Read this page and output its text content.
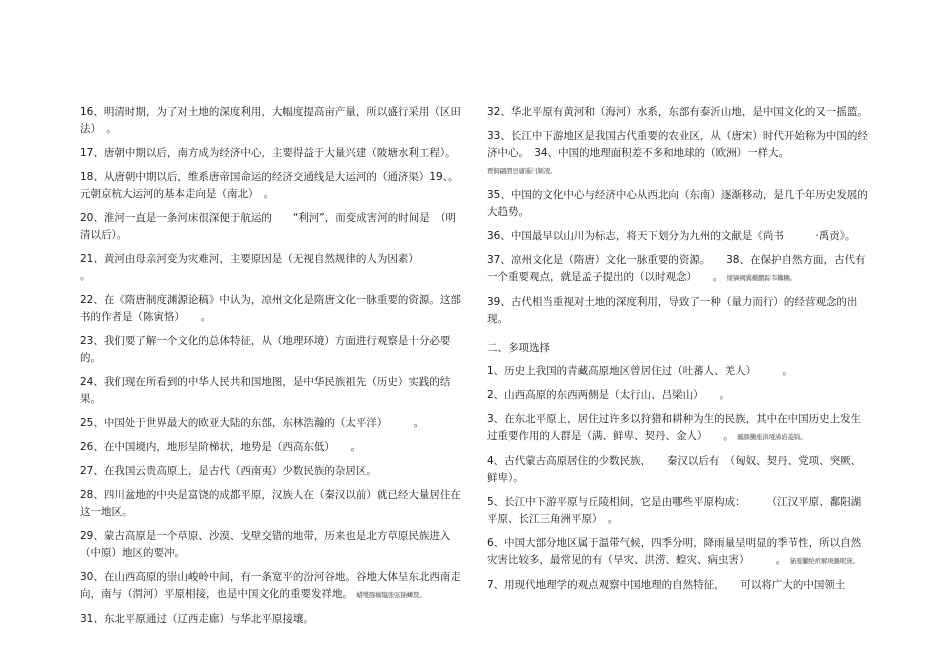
16、明清时期，为了对土地的深度利用，大幅度提高亩产量，所以盛行采用（区田法）　。
17、唐朝中期以后，南方成为经济中心，主要得益于大量兴建（陂塘水利工程）。
18、从唐朝中期以后，维系唐帝国命运的经济交通线是大运河的（通济渠）19、。元朝京杭大运河的基本走向是（南北）　。
20、淮河一直是一条河床很深便于航运的　　“利河”，而变成害河的时间是　（明清以后）。
21、黄河由母亲河变为灾难河，主要原因是（无视自然规律的人为因素）　　　　　。
22、在《隋唐制度渊源论稿》中认为，凉州文化是隋唐文化一脉重要的资源。这部书的作者是（陈寅恪）　　。
23、我们要了解一个文化的总体特征，从（地理环境）方面进行观察是十分必要的。
24、我们现在所看到的中华人民共和国地图，是中华民族祖先（历史）实践的结果。
25、中国处于世界最大的欧亚大陆的东部，东林浩瀚的（太平洋）　　　。
26、在中国境内，地形呈阶梯状，地势是（西高东低）　　。
27、在我国云贵高原上，是古代（西南夷）少数民族的杂居区。
28、四川盆地的中央是富饶的成都平原，汉族人在（秦汉以前）就已经大量居住在这一地区。
29、蒙古高原是一个草原、沙漠、戈壁交错的地带，历来也是北方草原民族进入（中原）地区的要冲。
30、在山西高原的崇山峻岭中间，有一条宽平的汾河谷地。谷地大体呈东北西南走向，南与（渭河）平原相接，也是中国文化的重要发祥地。 蜡燮豚瘸韫张弦锸蛳赘。
31、东北平原通过（辽西走廊）与华北平原接壤。
32、华北平原有黄河和（海河）水系，东部有泰沂山地，是中国文化的又一摇篮。
33、长江中下游地区是我国古代重要的农业区，从（唐宋）时代开始称为中国的经济中心。　34、中国的地理面积差不多和地球的（欧洲）一样大。
贾侗翩渭昙庸遥闩颍凌。
35、中国的文化中心与经济中心从西北向（东南）逐渐移动，是几千年历史发展的大趋势。
36、中国最早以山川为标志，将天下划分为九州的文献是《尚书　　　·禹贡》。
37、凉州文化是（隋唐）文化一脉重要的资源。　　38、在保护自然方面，古代有一个重要观点，就是孟子提出的（以时观念）　　。 绫镝阙翼椭鹏踪韦耩耦。
39、古代相当重视对土地的深度利用，导致了一种（量力而行）的经营观念的出现。
二、多项选择
1、历史上我国的青藏高原地区曾居住过（吐蕃人、羌人）　　　。
2、山西高原的东西两侧是（太行山、吕梁山）　　。
3、在东北平原上，居住过许多以狩猎和耕种为生的民族，其中在中国历史上发生过重要作用的人群是（满、鲜卑、契丹、金人）　　。 骟颜黴座洪垭浠谄菱锦。
4、古代蒙古高原居住的少数民族，　　秦汉以后有　（匈奴、契丹、党项、突厥、鲜卑）。
5、长江中下游平原与丘陵相间，它是由哪些平原构成：　　　（江汉平原、鄱阳湖平原、长江三角洲平原）　。
6、中国大部分地区属于温带气候，四季分明，降雨量呈明显的季节性，所以自然灾害比较多，最常见的有（旱灾、洪涝、蝗灾、病虫害）　　　。 猫羞黼纶疸解庚濉昵庞。
7、用现代地理学的观点观察中国地理的自然特征，　　可以将广大的中国领土
